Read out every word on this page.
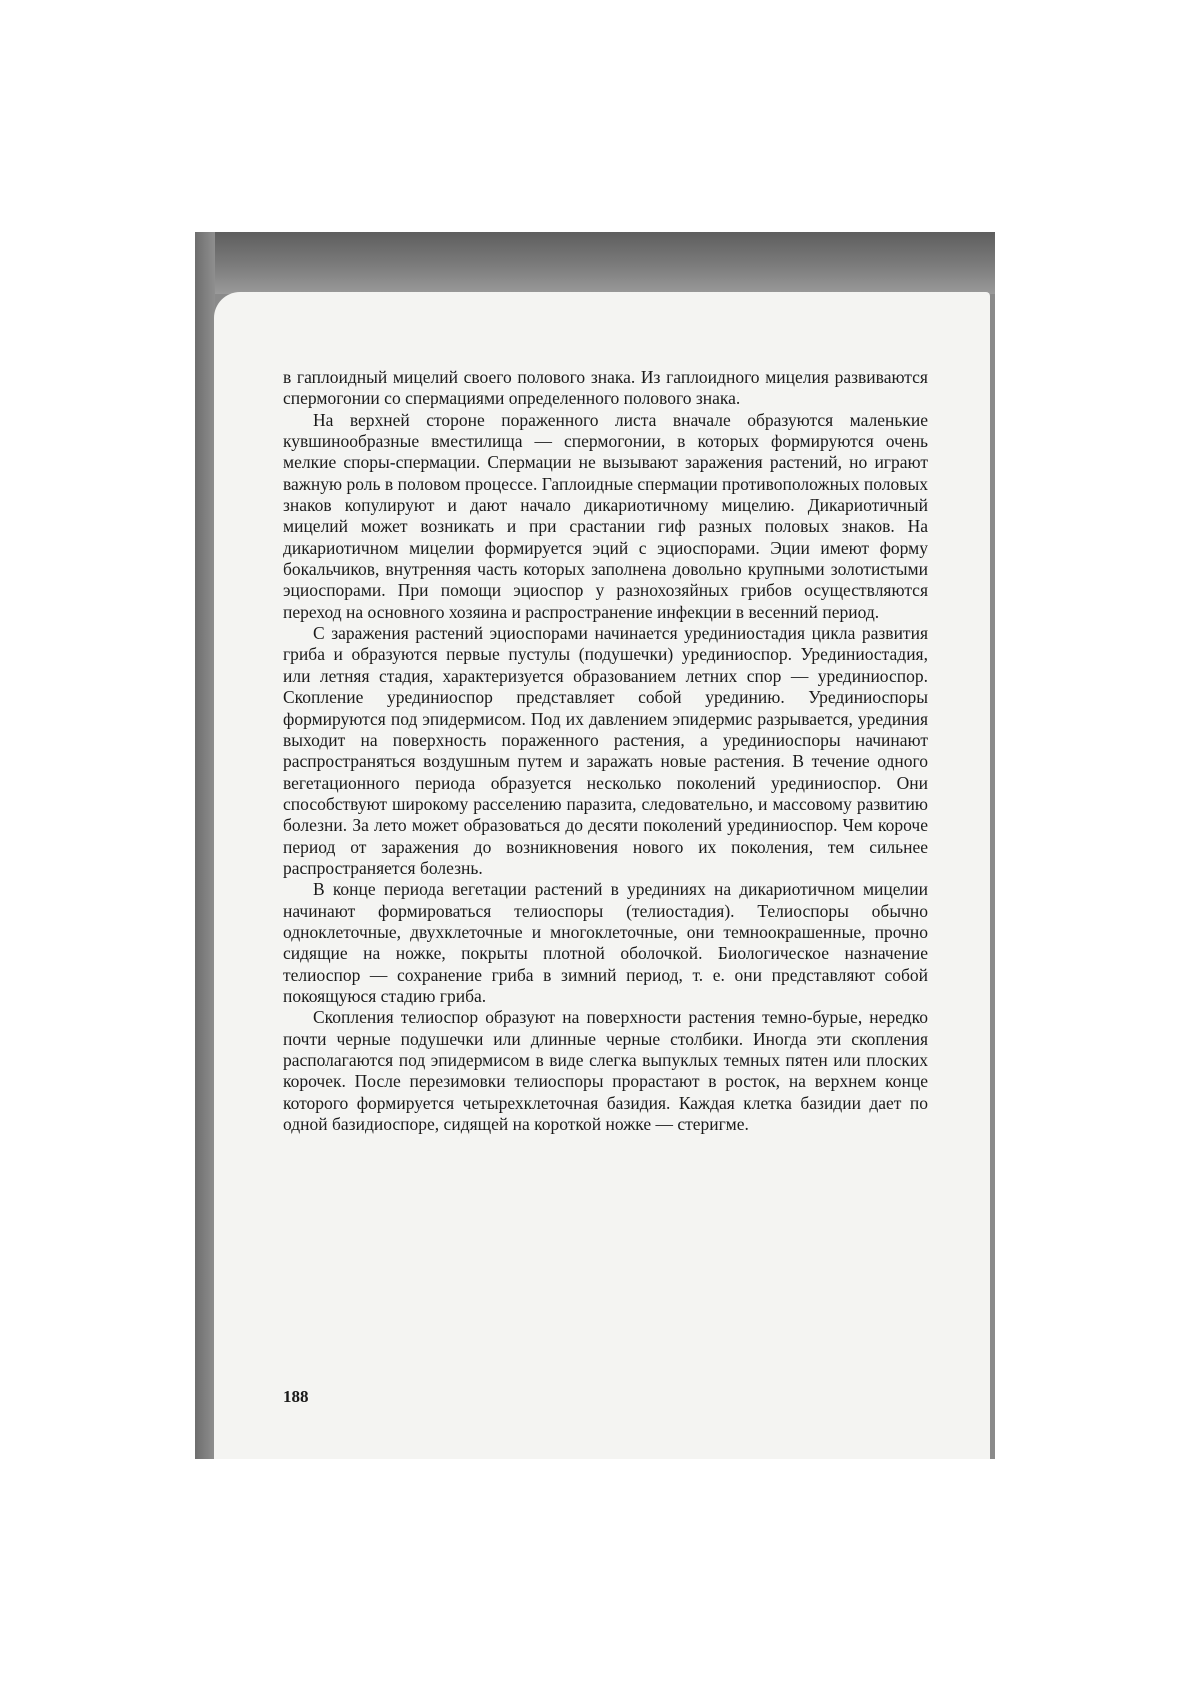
в гаплоидный мицелий своего полового знака. Из гаплоидного мицелия развиваются спермогонии со спермациями определенного полового знака.

На верхней стороне пораженного листа вначале образуются маленькие кувшинообразные вместилища — спермогонии, в которых формируются очень мелкие споры-спермации. Спермации не вызывают заражения растений, но играют важную роль в половом процессе. Гаплоидные спермации противоположных половых знаков копулируют и дают начало дикариотичному мицелию. Дикариотичный мицелий может возникать и при срастании гиф разных половых знаков. На дикариотичном мицелии формируется эций с эциоспорами. Эции имеют форму бокальчиков, внутренняя часть которых заполнена довольно крупными золотистыми эциоспорами. При помощи эциоспор у разнохозяйных грибов осуществляются переход на основного хозяина и распространение инфекции в весенний период.

С заражения растений эциоспорами начинается урединиостадия цикла развития гриба и образуются первые пустулы (подушечки) урединиоспор. Урединиостадия, или летняя стадия, характеризуется образованием летних спор — урединиоспор. Скопление урединиоспор представляет собой урединию. Урединиоспоры формируются под эпидермисом. Под их давлением эпидермис разрывается, урединия выходит на поверхность пораженного растения, а урединиоспоры начинают распространяться воздушным путем и заражать новые растения. В течение одного вегетационного периода образуется несколько поколений урединиоспор. Они способствуют широкому расселению паразита, следовательно, и массовому развитию болезни. За лето может образоваться до десяти поколений урединиоспор. Чем короче период от заражения до возникновения нового их поколения, тем сильнее распространяется болезнь.

В конце периода вегетации растений в урединиях на дикариотичном мицелии начинают формироваться телиоспоры (телиостадия). Телиоспоры обычно одноклеточные, двухклеточные и многоклеточные, они темноокрашенные, прочно сидящие на ножке, покрыты плотной оболочкой. Биологическое назначение телиоспор — сохранение гриба в зимний период, т. е. они представляют собой покоящуюся стадию гриба.

Скопления телиоспор образуют на поверхности растения темно-бурые, нередко почти черные подушечки или длинные черные столбики. Иногда эти скопления располагаются под эпидермисом в виде слегка выпуклых темных пятен или плоских корочек. После перезимовки телиоспоры прорастают в росток, на верхнем конце которого формируется четырехклеточная базидия. Каждая клетка базидии дает по одной базидиоспоре, сидящей на короткой ножке — стеригме.

188
